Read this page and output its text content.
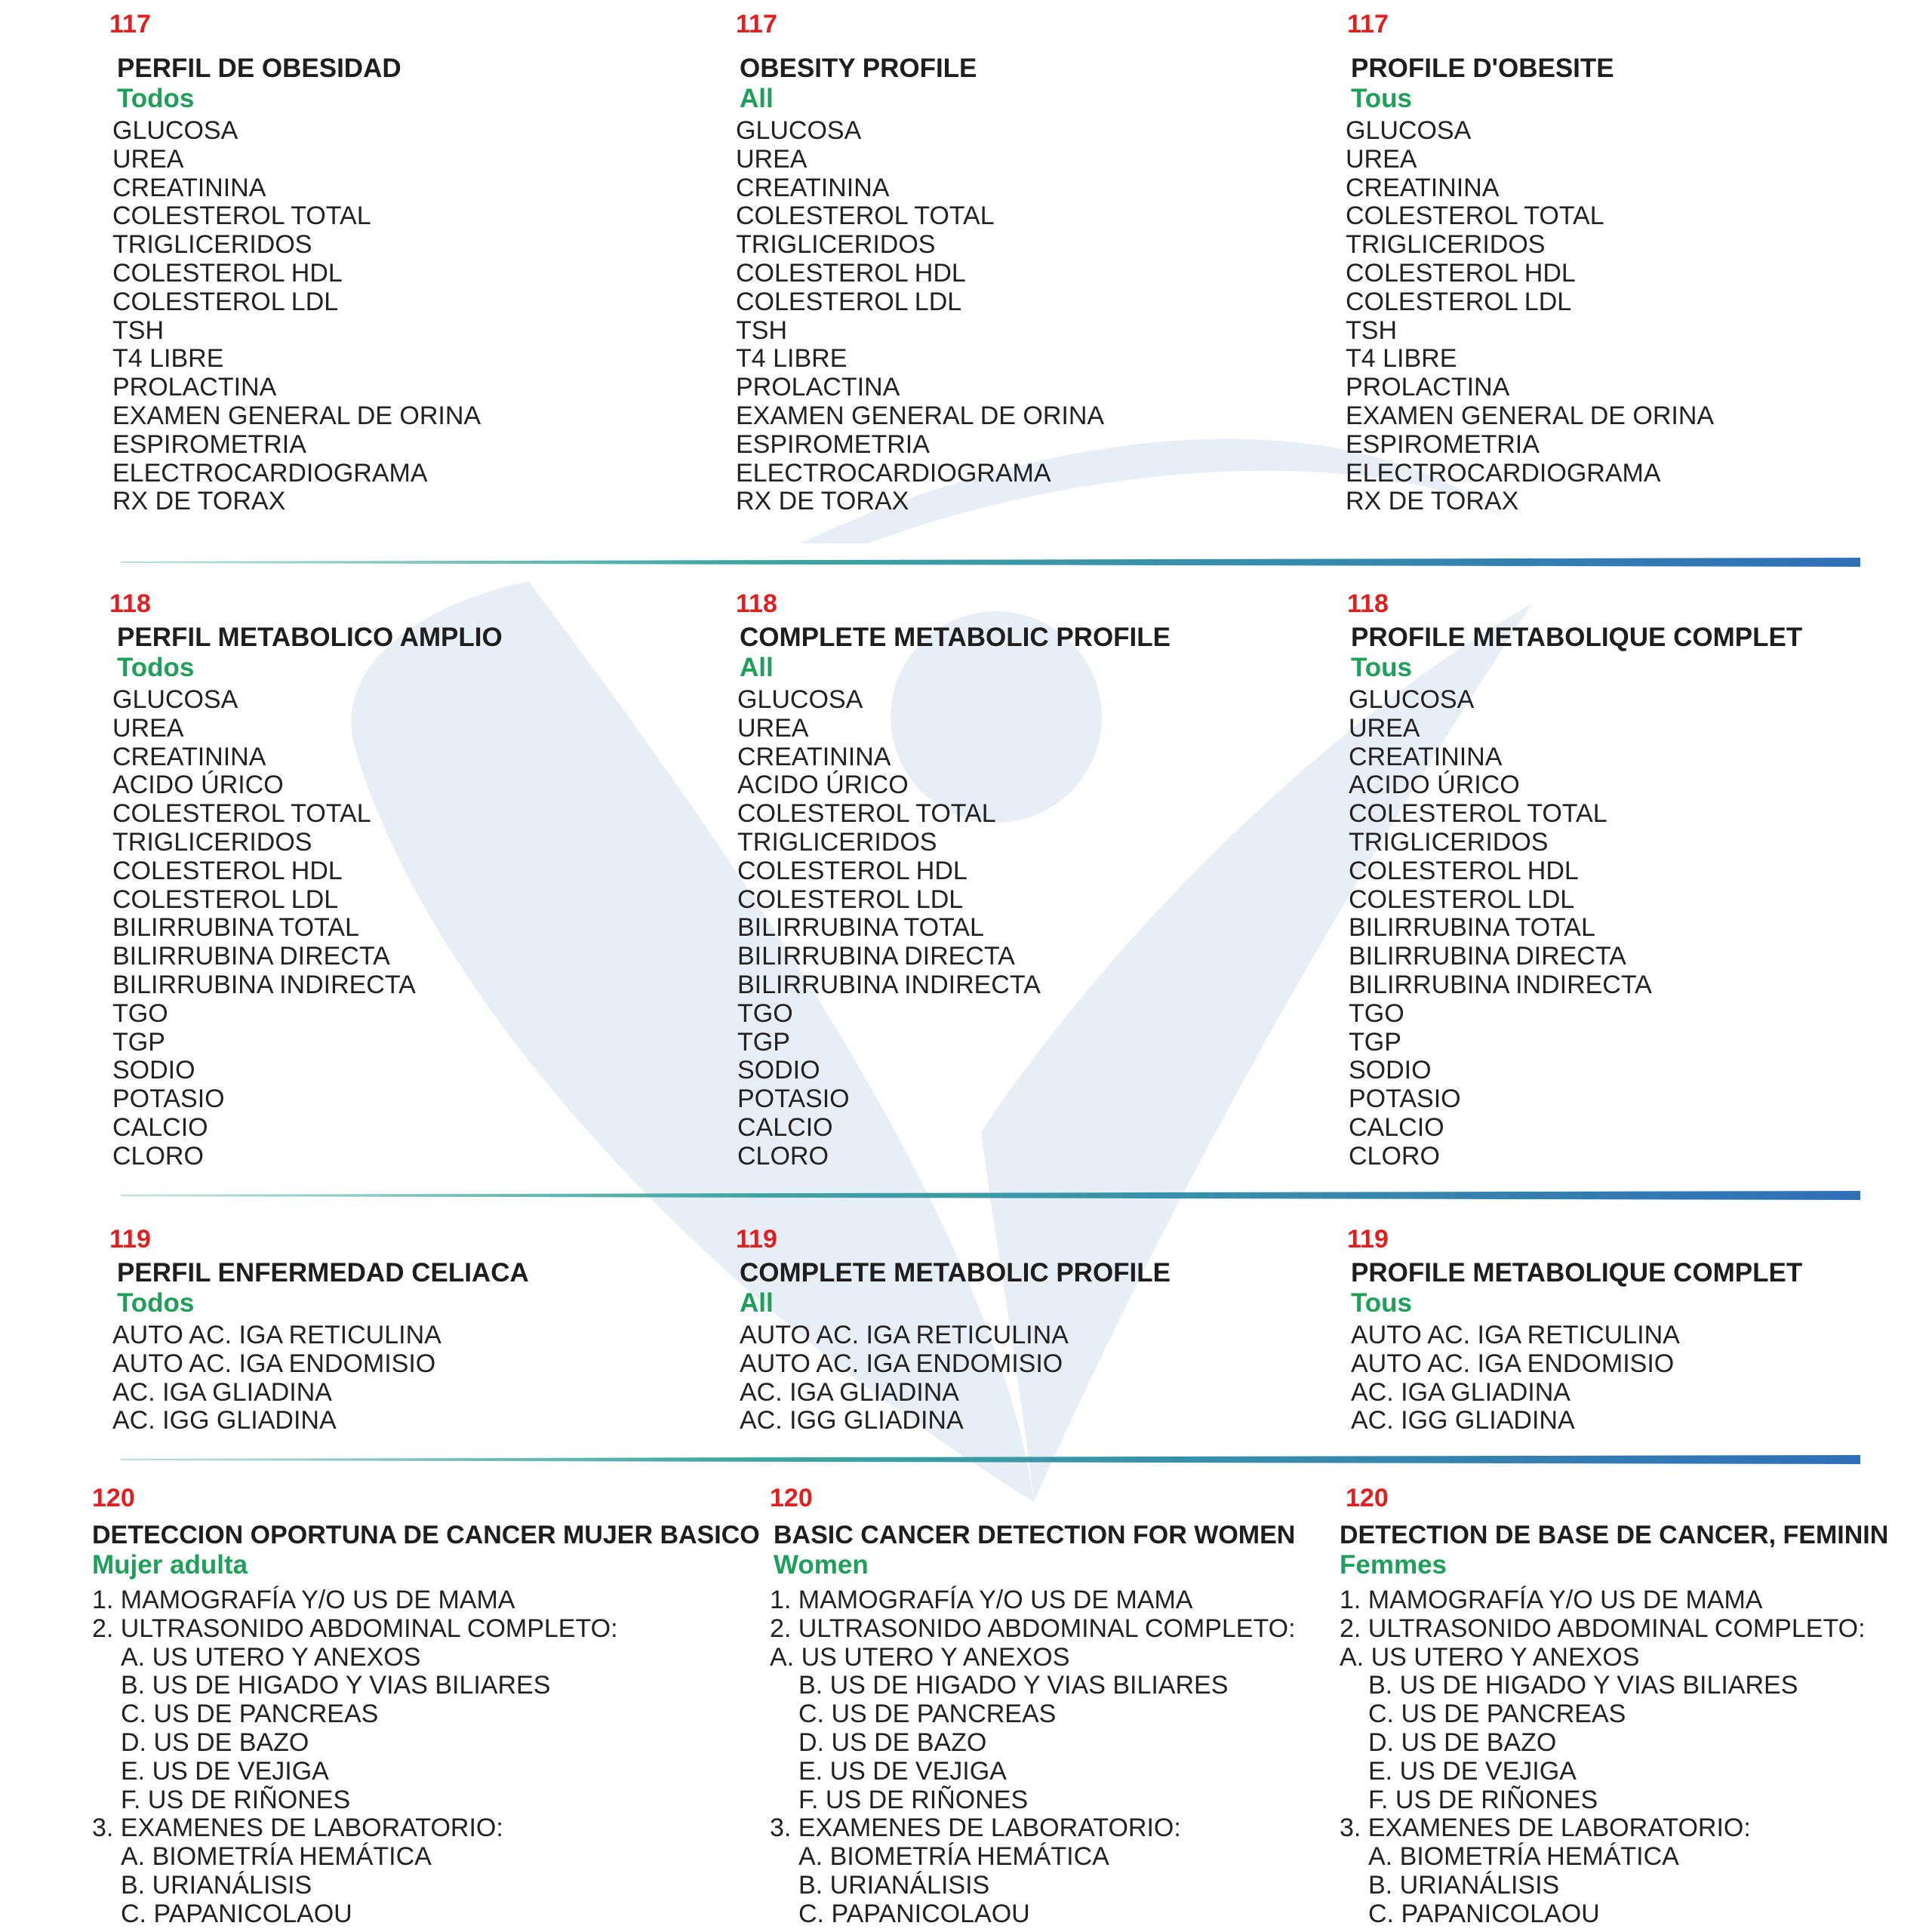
117
PERFIL DE OBESIDAD
Todos
GLUCOSA
UREA
CREATININA
COLESTEROL TOTAL
TRIGLICERIDOS
COLESTEROL HDL
COLESTEROL LDL
TSH
T4 LIBRE
PROLACTINA
EXAMEN GENERAL DE ORINA
ESPIROMETRIA
ELECTROCARDIOGRAMA
RX DE TORAX
117
OBESITY PROFILE
All
GLUCOSA
UREA
CREATININA
COLESTEROL TOTAL
TRIGLICERIDOS
COLESTEROL HDL
COLESTEROL LDL
TSH
T4 LIBRE
PROLACTINA
EXAMEN GENERAL DE ORINA
ESPIROMETRIA
ELECTROCARDIOGRAMA
RX DE TORAX
117
PROFILE D'OBESITE
Tous
GLUCOSA
UREA
CREATININA
COLESTEROL TOTAL
TRIGLICERIDOS
COLESTEROL HDL
COLESTEROL LDL
TSH
T4 LIBRE
PROLACTINA
EXAMEN GENERAL DE ORINA
ESPIROMETRIA
ELECTROCARDIOGRAMA
RX DE TORAX
118
PERFIL METABOLICO AMPLIO
Todos
GLUCOSA
UREA
CREATININA
ACIDO ÚRICO
COLESTEROL TOTAL
TRIGLICERIDOS
COLESTEROL HDL
COLESTEROL LDL
BILIRRUBINA TOTAL
BILIRRUBINA DIRECTA
BILIRRUBINA INDIRECTA
TGO
TGP
SODIO
POTASIO
CALCIO
CLORO
118
COMPLETE METABOLIC PROFILE
All
GLUCOSA
UREA
CREATININA
ACIDO ÚRICO
COLESTEROL TOTAL
TRIGLICERIDOS
COLESTEROL HDL
COLESTEROL LDL
BILIRRUBINA TOTAL
BILIRRUBINA DIRECTA
BILIRRUBINA INDIRECTA
TGO
TGP
SODIO
POTASIO
CALCIO
CLORO
118
PROFILE METABOLIQUE COMPLET
Tous
GLUCOSA
UREA
CREATININA
ACIDO ÚRICO
COLESTEROL TOTAL
TRIGLICERIDOS
COLESTEROL HDL
COLESTEROL LDL
BILIRRUBINA TOTAL
BILIRRUBINA DIRECTA
BILIRRUBINA INDIRECTA
TGO
TGP
SODIO
POTASIO
CALCIO
CLORO
119
PERFIL ENFERMEDAD CELIACA
Todos
AUTO AC. IGA RETICULINA
AUTO AC. IGA ENDOMISIO
AC. IGA GLIADINA
AC. IGG GLIADINA
119
COMPLETE METABOLIC PROFILE
All
AUTO AC. IGA RETICULINA
AUTO AC. IGA ENDOMISIO
AC. IGA GLIADINA
AC. IGG GLIADINA
119
PROFILE METABOLIQUE COMPLET
Tous
AUTO AC. IGA RETICULINA
AUTO AC. IGA ENDOMISIO
AC. IGA GLIADINA
AC. IGG GLIADINA
120
DETECCION OPORTUNA DE CANCER MUJER BASICO
Mujer adulta
1. MAMOGRAFÍA Y/O US DE MAMA
2. ULTRASONIDO ABDOMINAL COMPLETO:
A. US UTERO Y ANEXOS
B. US DE HIGADO Y VIAS BILIARES
C. US DE PANCREAS
D. US DE BAZO
E. US DE VEJIGA
F. US DE RIÑONES
3. EXAMENES DE LABORATORIO:
A. BIOMETRÍA HEMÁTICA
B. URIANÁLISIS
C. PAPANICOLAOU
120
BASIC CANCER DETECTION FOR WOMEN
Women
1. MAMOGRAFÍA Y/O US DE MAMA
2. ULTRASONIDO ABDOMINAL COMPLETO:
A. US UTERO Y ANEXOS
B. US DE HIGADO Y VIAS BILIARES
C. US DE PANCREAS
D. US DE BAZO
E. US DE VEJIGA
F. US DE RIÑONES
3. EXAMENES DE LABORATORIO:
A. BIOMETRÍA HEMÁTICA
B. URIANÁLISIS
C. PAPANICOLAOU
120
DETECTION DE BASE DE CANCER, FEMININ
Femmes
1. MAMOGRAFÍA Y/O US DE MAMA
2. ULTRASONIDO ABDOMINAL COMPLETO:
A. US UTERO Y ANEXOS
B. US DE HIGADO Y VIAS BILIARES
C. US DE PANCREAS
D. US DE BAZO
E. US DE VEJIGA
F. US DE RIÑONES
3. EXAMENES DE LABORATORIO:
A. BIOMETRÍA HEMÁTICA
B. URIANÁLISIS
C. PAPANICOLAOU
